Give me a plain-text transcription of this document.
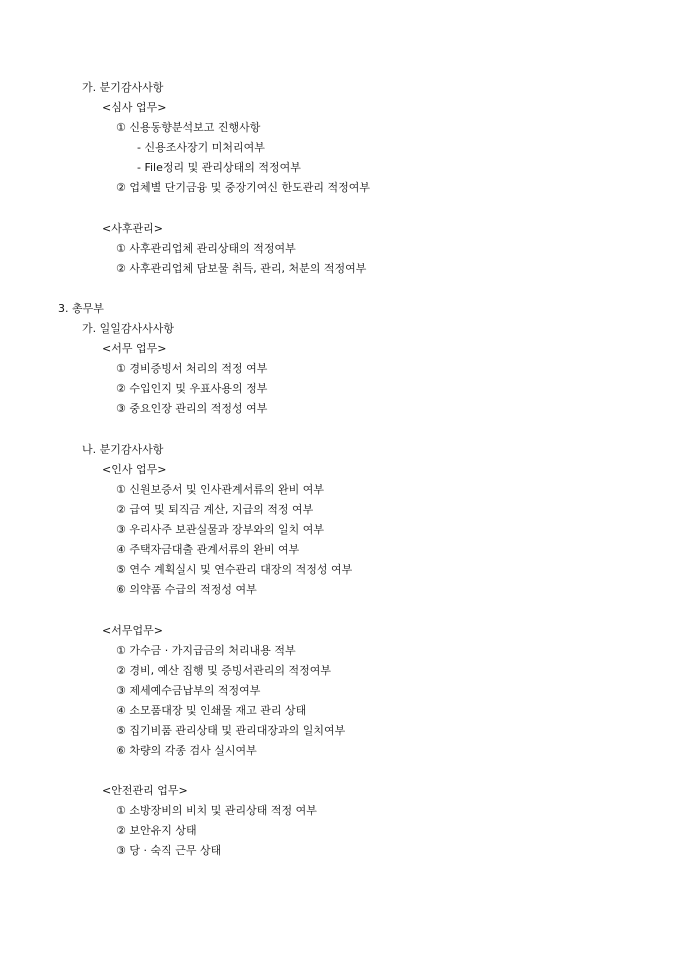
가. 분기감사사항
<심사 업무>
① 신용동향분석보고 진행사항
- 신용조사장기 미처리여부
- File정리 및 관리상태의 적정여부
② 업체별 단기금융 및 중장기여신 한도관리 적정여부
<사후관리>
① 사후관리업체 관리상태의 적정여부
② 사후관리업체 담보물 취득, 관리, 처분의 적정여부
3. 총무부
가. 일일감사사사항
<서무 업무>
① 경비증빙서 처리의 적정 여부
② 수입인지 및 우표사용의 정부
③ 중요인장 관리의 적정성 여부
나. 분기감사사항
<인사 업무>
① 신원보증서 및 인사관계서류의 완비 여부
② 급여 및 퇴직금 계산, 지급의 적정 여부
③ 우리사주 보관실물과 장부와의 일치 여부
④ 주택자금대출 관계서류의 완비 여부
⑤ 연수 계획실시 및 연수관리 대장의 적정성 여부
⑥ 의약품 수급의 적정성 여부
<서무업무>
① 가수금 · 가지급금의 처리내용 적부
② 경비, 예산 집행 및 증빙서관리의 적정여부
③ 제세예수금납부의 적정여부
④ 소모품대장 및 인쇄물 재고 관리 상태
⑤ 집기비품 관리상태 및 관리대장과의 일치여부
⑥ 차량의 각종 검사 실시여부
<안전관리 업무>
① 소방장비의 비치 및 관리상태 적정 여부
② 보안유지 상태
③ 당 · 숙직 근무 상태
